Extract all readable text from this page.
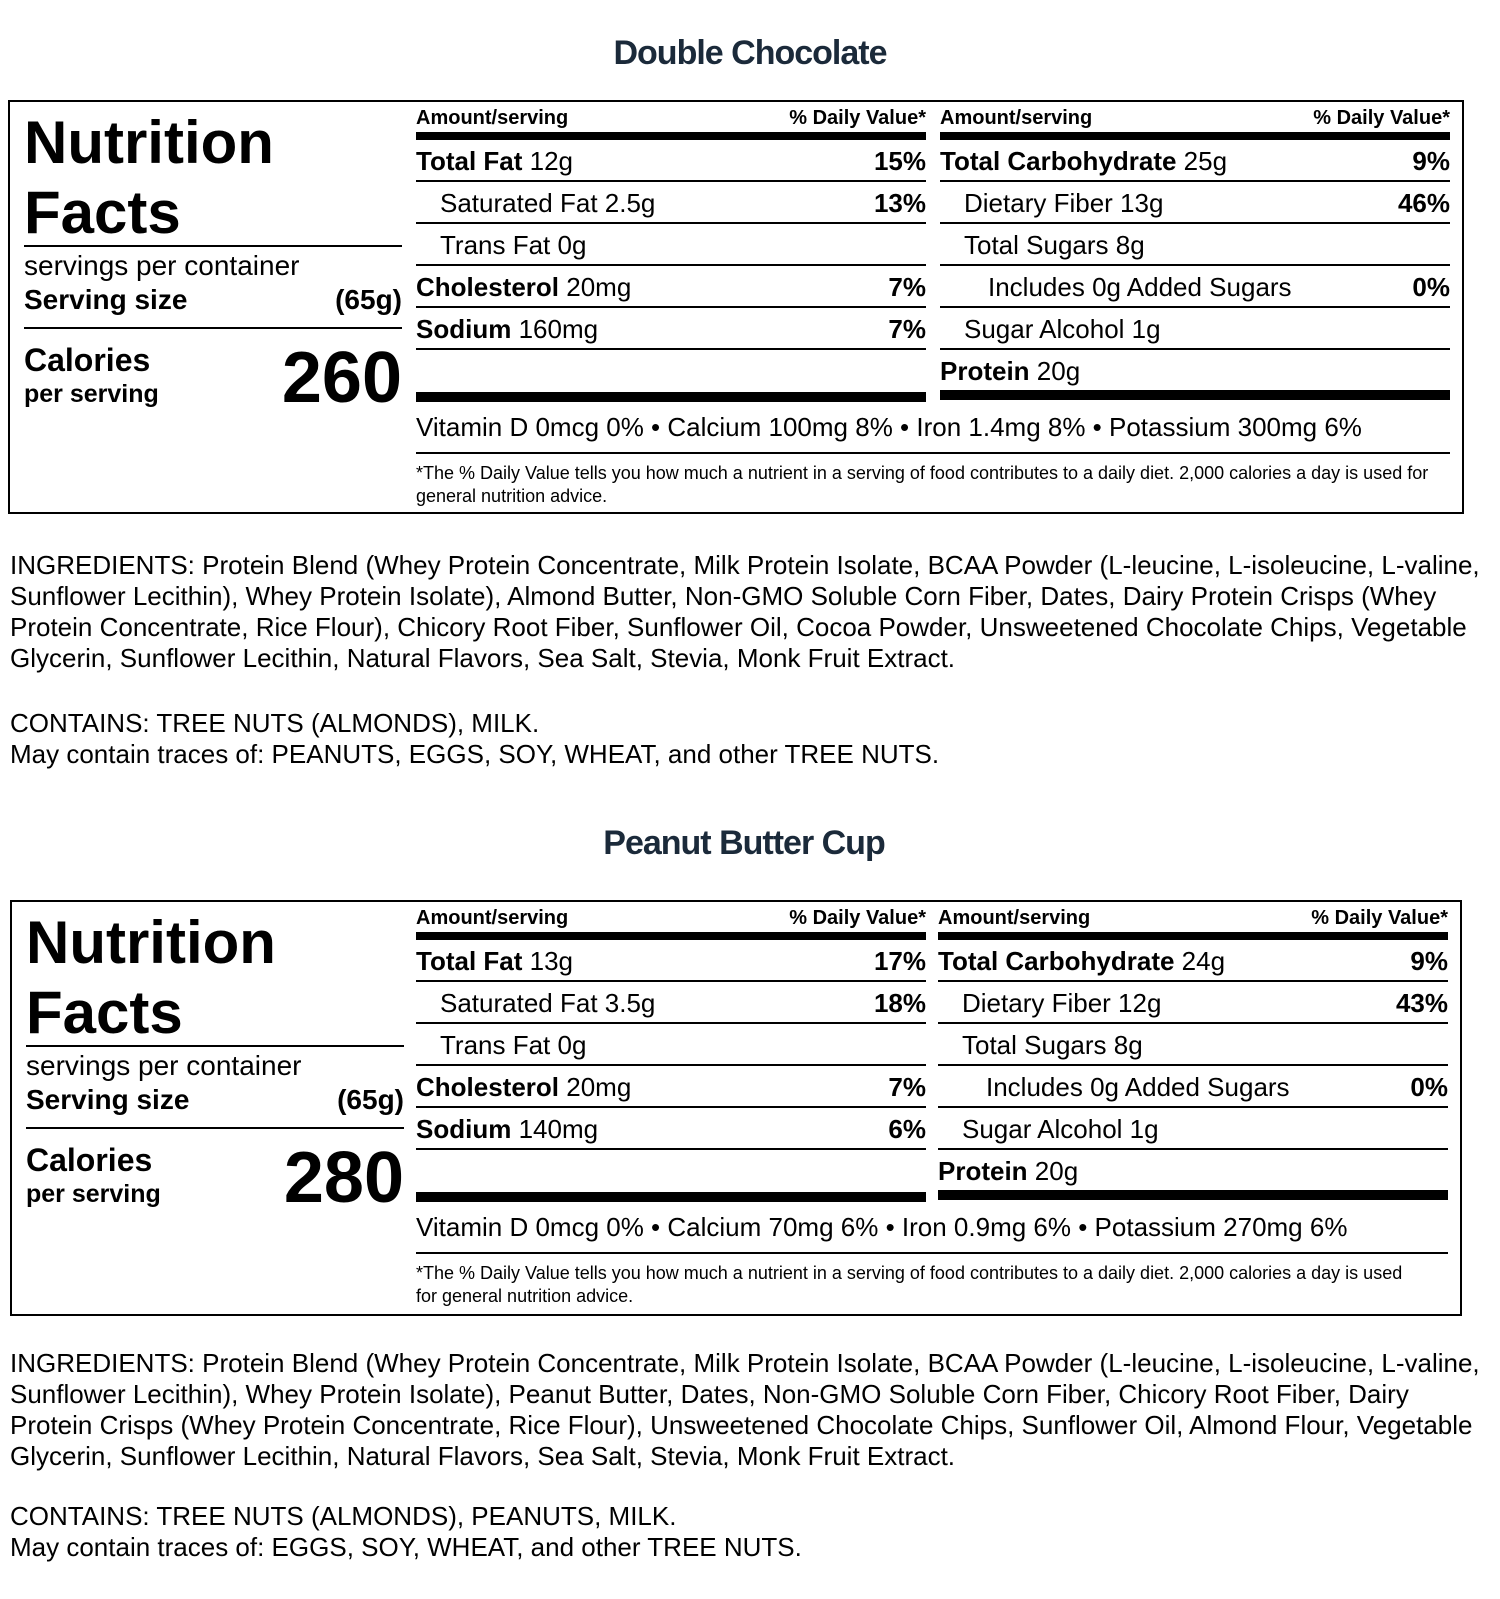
Double Chocolate
Nutrition Facts
servings per container
Serving size	(65g)
Calories
per serving 260
Amount/serving	% Daily Value*
Total Fat 12g	15%
Saturated Fat 2.5g	13%
Trans Fat 0g
Cholesterol 20mg	7%
Sodium 160mg	7%
Amount/serving	% Daily Value*
Total Carbohydrate 25g	9%
Dietary Fiber 13g	46%
Total Sugars 8g
Includes 0g Added Sugars	0%
Sugar Alcohol 1g
Protein 20g
Vitamin D 0mcg 0% • Calcium 100mg 8% • Iron 1.4mg 8% • Potassium 300mg 6%
*The % Daily Value tells you how much a nutrient in a serving of food contributes to a daily diet. 2,000 calories a day is used for general nutrition advice.
INGREDIENTS: Protein Blend (Whey Protein Concentrate, Milk Protein Isolate, BCAA Powder (L-leucine, L-isoleucine, L-valine, Sunflower Lecithin), Whey Protein Isolate), Almond Butter, Non-GMO Soluble Corn Fiber, Dates, Dairy Protein Crisps (Whey Protein Concentrate, Rice Flour), Chicory Root Fiber, Sunflower Oil, Cocoa Powder, Unsweetened Chocolate Chips, Vegetable Glycerin, Sunflower Lecithin, Natural Flavors, Sea Salt, Stevia, Monk Fruit Extract.
CONTAINS: TREE NUTS (ALMONDS), MILK.
May contain traces of: PEANUTS, EGGS, SOY, WHEAT, and other TREE NUTS.
Peanut Butter Cup
Nutrition Facts
servings per container
Serving size	(65g)
Calories
per serving 280
Amount/serving	% Daily Value*
Total Fat 13g	17%
Saturated Fat 3.5g	18%
Trans Fat 0g
Cholesterol 20mg	7%
Sodium 140mg	6%
Amount/serving	% Daily Value*
Total Carbohydrate 24g	9%
Dietary Fiber 12g	43%
Total Sugars 8g
Includes 0g Added Sugars	0%
Sugar Alcohol 1g
Protein 20g
Vitamin D 0mcg 0% • Calcium 70mg 6% • Iron 0.9mg 6% • Potassium 270mg 6%
*The % Daily Value tells you how much a nutrient in a serving of food contributes to a daily diet. 2,000 calories a day is used for general nutrition advice.
INGREDIENTS: Protein Blend (Whey Protein Concentrate, Milk Protein Isolate, BCAA Powder (L-leucine, L-isoleucine, L-valine, Sunflower Lecithin), Whey Protein Isolate), Peanut Butter, Dates, Non-GMO Soluble Corn Fiber, Chicory Root Fiber, Dairy Protein Crisps (Whey Protein Concentrate, Rice Flour), Unsweetened Chocolate Chips, Sunflower Oil, Almond Flour, Vegetable Glycerin, Sunflower Lecithin, Natural Flavors, Sea Salt, Stevia, Monk Fruit Extract.
CONTAINS: TREE NUTS (ALMONDS), PEANUTS, MILK.
May contain traces of: EGGS, SOY, WHEAT, and other TREE NUTS.
